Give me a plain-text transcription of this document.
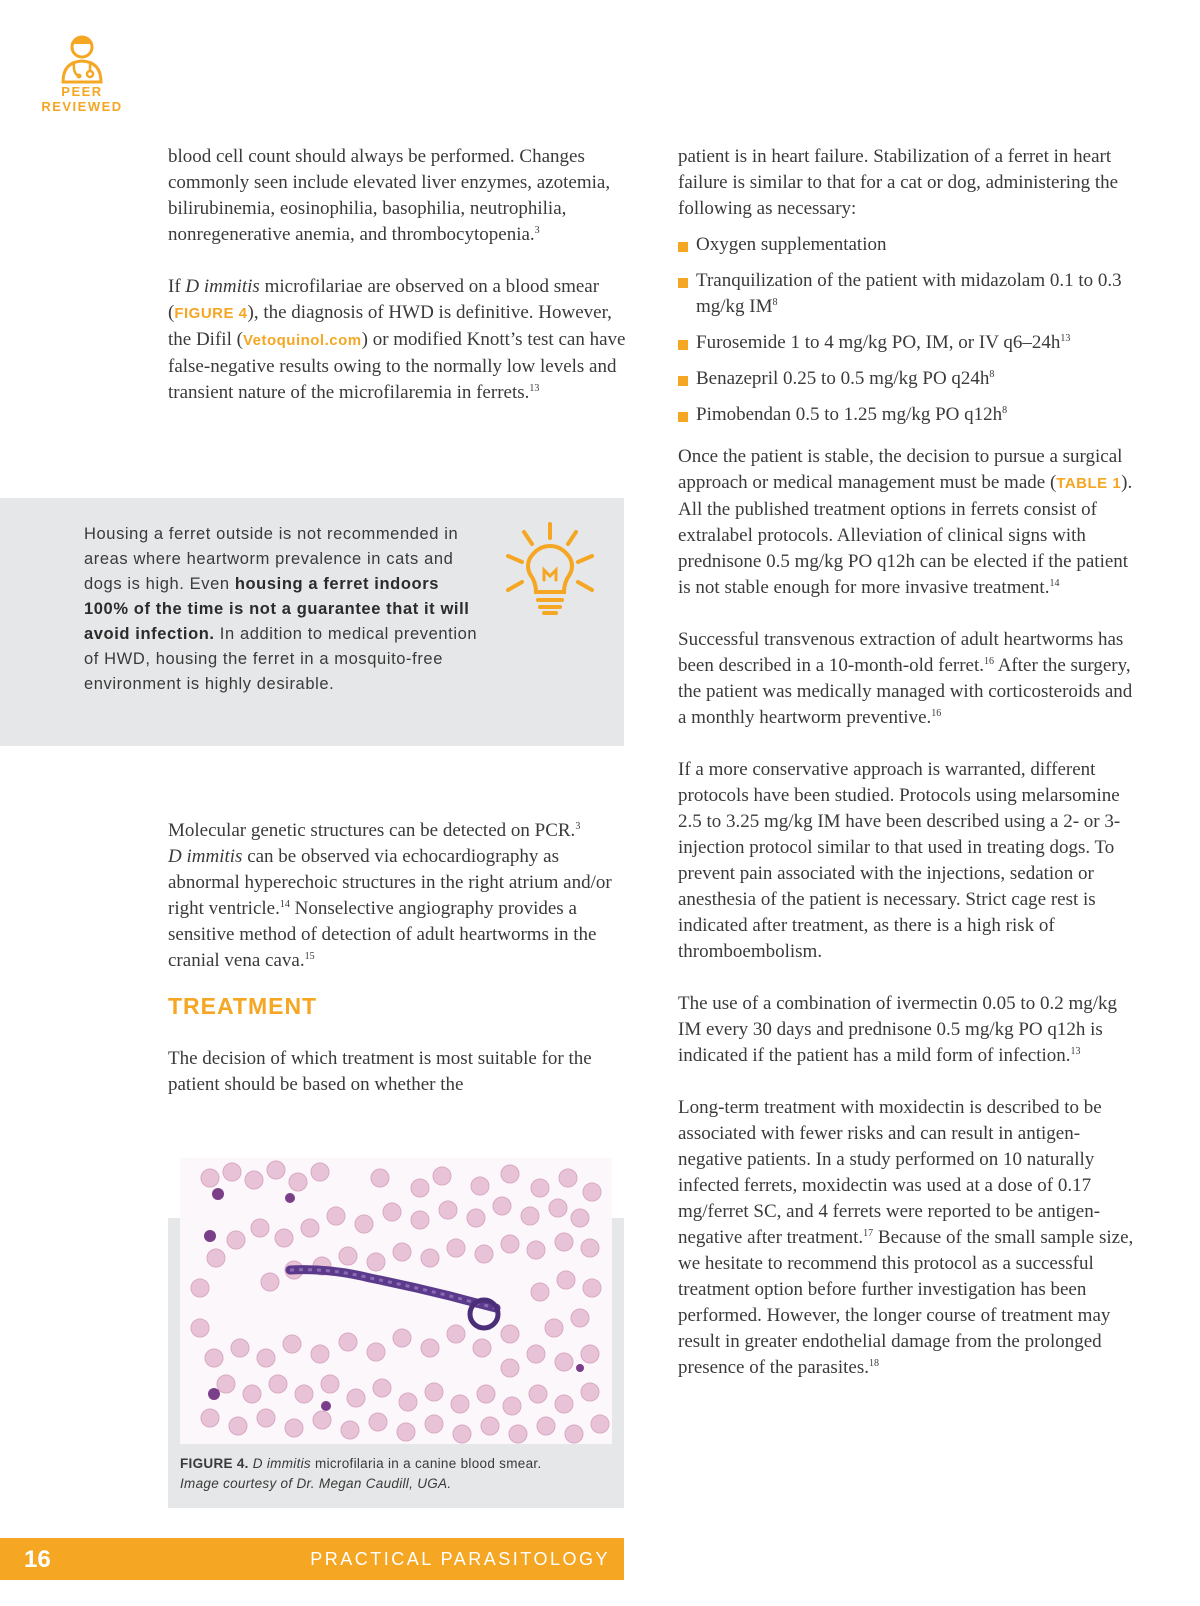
PEER
REVIEWED

blood cell count should always be performed. Changes commonly seen include elevated liver enzymes, azotemia, bilirubinemia, eosinophilia, basophilia, neutrophilia, nonregenerative anemia, and thrombocytopenia.$^3$

If D immitis microfilariae are observed on a blood smear (FIGURE 4), the diagnosis of HWD is definitive. However, the Difil (Vetoquinol.com) or modified Knott’s test can have false-negative results owing to the normally low levels and transient nature of the microfilaremia in ferrets.$^{13}$

Housing a ferret outside is not recommended in areas where heartworm prevalence in cats and dogs is high. Even housing a ferret indoors 100% of the time is not a guarantee that it will avoid infection. In addition to medical prevention of HWD, housing the ferret in a mosquito-free environment is highly desirable.

Molecular genetic structures can be detected on PCR.$^3$
D immitis can be observed via echocardiography as abnormal hyperechoic structures in the right atrium and/or right ventricle.$^{14}$ Nonselective angiography provides a sensitive method of detection of adult heartworms in the cranial vena cava.$^{15}$

TREATMENT

The decision of which treatment is most suitable for the patient should be based on whether the

FIGURE 4. D immitis microfilaria in a canine blood smear.
Image courtesy of Dr. Megan Caudill, UGA.

patient is in heart failure. Stabilization of a ferret in heart failure is similar to that for a cat or dog, administering the following as necessary:

Oxygen supplementation
Tranquilization of the patient with midazolam 0.1 to 0.3 mg/kg $IM^8$
Furosemide 1 to 4 mg/kg PO, IM, or IV $q6-24h^{13}$
Benazepril 0.25 to 0.5 mg/kg PO $q24h^8$
Pimobendan 0.5 to 1.25 mg/kg PO $q12h^8$

Once the patient is stable, the decision to pursue a surgical approach or medical management must be made (TABLE 1). All the published treatment options in ferrets consist of extralabel protocols. Alleviation of clinical signs with prednisone 0.5 mg/kg PO q12h can be elected if the patient is not stable enough for more invasive treatment.$^{14}$

Successful transvenous extraction of adult heartworms has been described in a 10-month-old ferret.$^{16}$ After the surgery, the patient was medically managed with corticosteroids and a monthly heartworm preventive.$^{16}$

If a more conservative approach is warranted, different protocols have been studied. Protocols using melarsomine 2.5 to 3.25 mg/kg IM have been described using a 2- or 3-injection protocol similar to that used in treating dogs. To prevent pain associated with the injections, sedation or anesthesia of the patient is necessary. Strict cage rest is indicated after treatment, as there is a high risk of thromboembolism.

The use of a combination of ivermectin 0.05 to 0.2 mg/kg IM every 30 days and prednisone 0.5 mg/kg PO q12h is indicated if the patient has a mild form of infection.$^{13}$

Long-term treatment with moxidectin is described to be associated with fewer risks and can result in antigen-negative patients. In a study performed on 10 naturally infected ferrets, moxidectin was used at a dose of 0.17 mg/ferret SC, and 4 ferrets were reported to be antigen-negative after treatment.$^{17}$ Because of the small sample size, we hesitate to recommend this protocol as a successful treatment option before further investigation has been performed. However, the longer course of treatment may result in greater endothelial damage from the prolonged presence of the parasites.$^{18}$

16	PRACTICAL PARASITOLOGY
